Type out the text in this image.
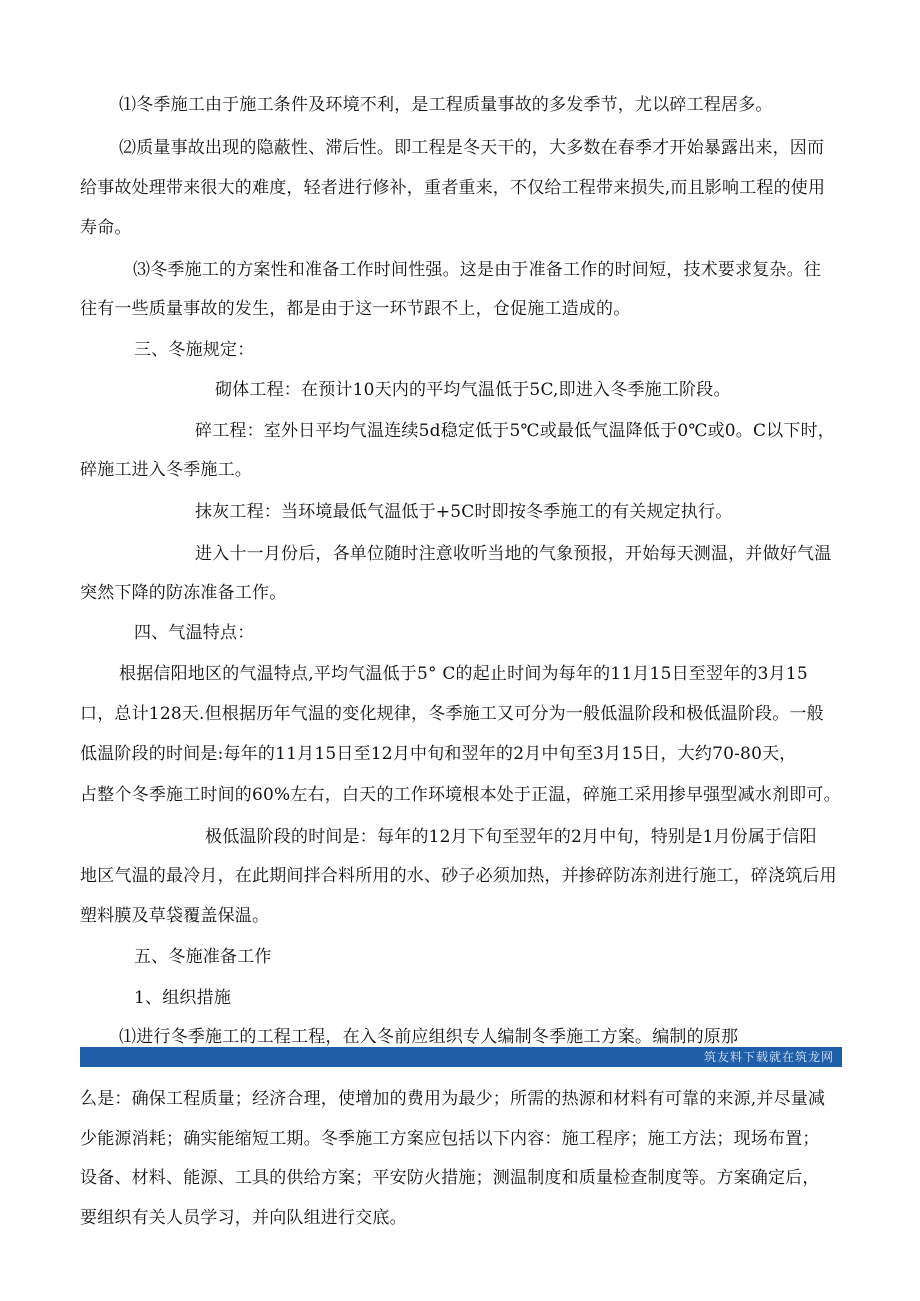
⑴冬季施工由于施工条件及环境不利，是工程质量事故的多发季节，尤以碎工程居多。
⑵质量事故出现的隐蔽性、滞后性。即工程是冬天干的，大多数在春季才开始暴露出来，因而
给事故处理带来很大的难度，轻者进行修补，重者重来，不仅给工程带来损失,而且影响工程的使用
寿命。
⑶冬季施工的方案性和准备工作时间性强。这是由于准备工作的时间短，技术要求复杂。往
往有一些质量事故的发生，都是由于这一环节跟不上，仓促施工造成的。
三、冬施规定：
砌体工程：在预计10天内的平均气温低于5C,即进入冬季施工阶段。
碎工程：室外日平均气温连续5d稳定低于5℃或最低气温降低于0℃或0。C以下时，
碎施工进入冬季施工。
抹灰工程：当环境最低气温低于+5C时即按冬季施工的有关规定执行。
进入十一月份后，各单位随时注意收听当地的气象预报，开始每天测温，并做好气温
突然下降的防冻准备工作。
四、气温特点：
根据信阳地区的气温特点,平均气温低于5° C的起止时间为每年的11月15日至翌年的3月15
口，总计128天.但根据历年气温的变化规律，冬季施工又可分为一般低温阶段和极低温阶段。一般
低温阶段的时间是:每年的11月15日至12月中旬和翌年的2月中旬至3月15日，大约70-80天，
占整个冬季施工时间的60%左右，白天的工作环境根本处于正温，碎施工采用掺早强型减水剂即可。
极低温阶段的时间是：每年的12月下旬至翌年的2月中旬，特别是1月份属于信阳
地区气温的最冷月，在此期间拌合料所用的水、砂子必须加热，并掺碎防冻剂进行施工，碎浇筑后用
塑料膜及草袋覆盖保温。
五、冬施准备工作
1、组织措施
⑴进行冬季施工的工程工程，在入冬前应组织专人编制冬季施工方案。编制的原那
筑友料下载就在筑龙网
么是：确保工程质量；经济合理，使增加的费用为最少；所需的热源和材料有可靠的来源,并尽量减
少能源消耗；确实能缩短工期。冬季施工方案应包括以下内容：施工程序；施工方法；现场布置；
设备、材料、能源、工具的供给方案；平安防火措施；测温制度和质量检查制度等。方案确定后，
要组织有关人员学习，并向队组进行交底。
